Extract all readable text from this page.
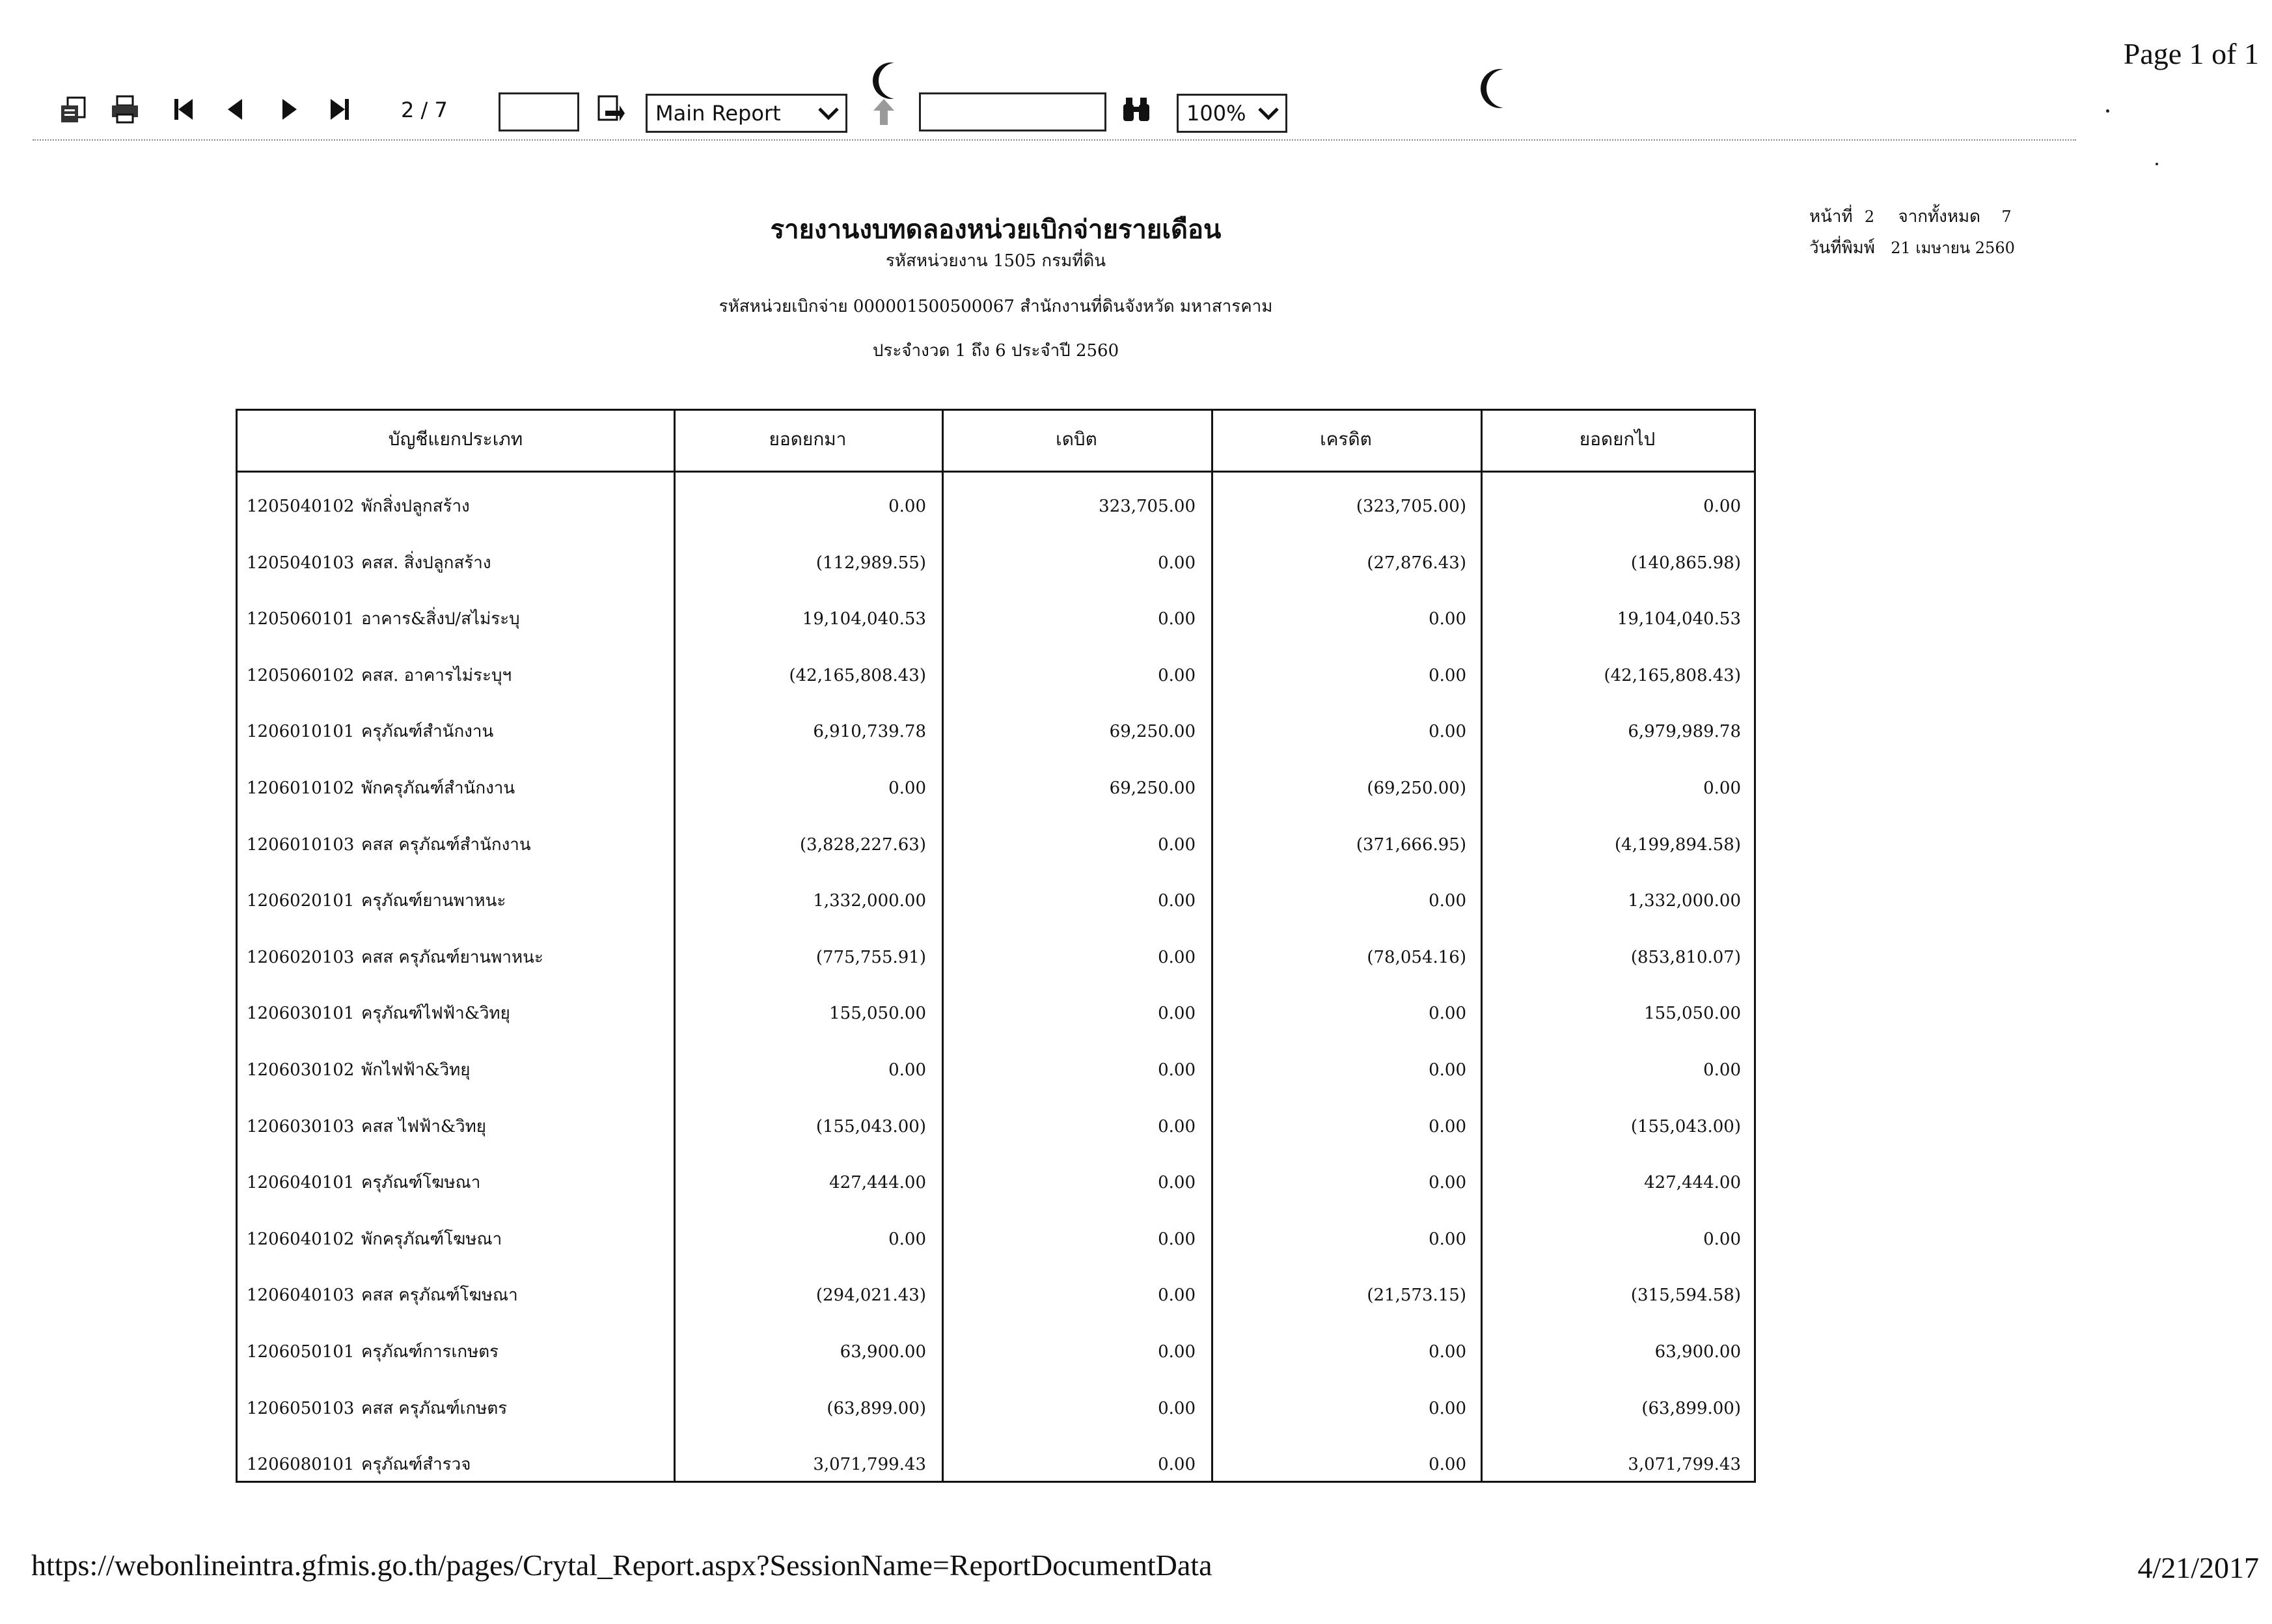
Page 1 of 1
2 / 7	Main Report	100%
รายงานงบทดลองหน่วยเบิกจ่ายรายเดือน
รหัสหน่วยงาน 1505 กรมที่ดิน
รหัสหน่วยเบิกจ่าย 000001500500067 สำนักงานที่ดินจังหวัด มหาสารคาม
ประจำงวด 1 ถึง 6 ประจำปี 2560
หน้าที่ 2 จากทั้งหมด 7
วันที่พิมพ์ 21 เมษายน 2560
บัญชีแยกประเภท	ยอดยกมา	เดบิต	เครดิต	ยอดยกไป
1205040102 พักสิ่งปลูกสร้าง	0.00	323,705.00	(323,705.00)	0.00
1205040103 คสส. สิ่งปลูกสร้าง	(112,989.55)	0.00	(27,876.43)	(140,865.98)
1205060101 อาคาร&สิ่งป/สไม่ระบุ	19,104,040.53	0.00	0.00	19,104,040.53
1205060102 คสส. อาคารไม่ระบุฯ	(42,165,808.43)	0.00	0.00	(42,165,808.43)
1206010101 ครุภัณฑ์สำนักงาน	6,910,739.78	69,250.00	0.00	6,979,989.78
1206010102 พักครุภัณฑ์สำนักงาน	0.00	69,250.00	(69,250.00)	0.00
1206010103 คสส ครุภัณฑ์สำนักงาน	(3,828,227.63)	0.00	(371,666.95)	(4,199,894.58)
1206020101 ครุภัณฑ์ยานพาหนะ	1,332,000.00	0.00	0.00	1,332,000.00
1206020103 คสส ครุภัณฑ์ยานพาหนะ	(775,755.91)	0.00	(78,054.16)	(853,810.07)
1206030101 ครุภัณฑ์ไฟฟ้า&วิทยุ	155,050.00	0.00	0.00	155,050.00
1206030102 พักไฟฟ้า&วิทยุ	0.00	0.00	0.00	0.00
1206030103 คสส ไฟฟ้า&วิทยุ	(155,043.00)	0.00	0.00	(155,043.00)
1206040101 ครุภัณฑ์โฆษณา	427,444.00	0.00	0.00	427,444.00
1206040102 พักครุภัณฑ์โฆษณา	0.00	0.00	0.00	0.00
1206040103 คสส ครุภัณฑ์โฆษณา	(294,021.43)	0.00	(21,573.15)	(315,594.58)
1206050101 ครุภัณฑ์การเกษตร	63,900.00	0.00	0.00	63,900.00
1206050103 คสส ครุภัณฑ์เกษตร	(63,899.00)	0.00	0.00	(63,899.00)
1206080101 ครุภัณฑ์สำรวจ	3,071,799.43	0.00	0.00	3,071,799.43
https://webonlineintra.gfmis.go.th/pages/Crytal_Report.aspx?SessionName=ReportDocumentData	4/21/2017
